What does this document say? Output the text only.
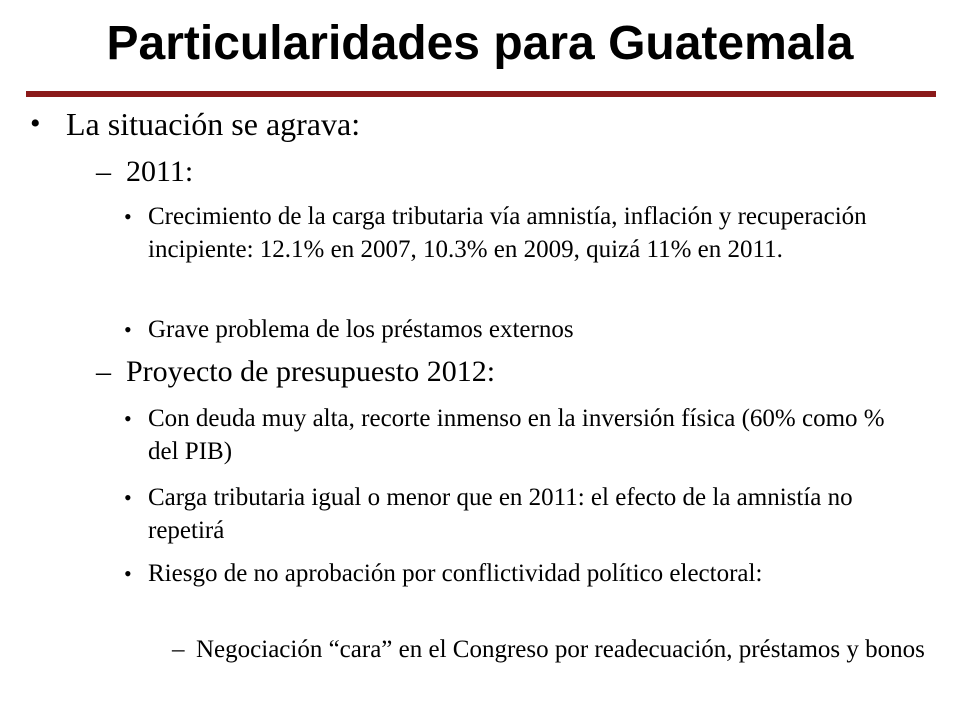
Particularidades para Guatemala
• La situación se agrava:
– 2011:
• Crecimiento de la carga tributaria vía amnistía, inflación y recuperación incipiente: 12.1% en 2007, 10.3% en 2009, quizá 11% en 2011.
• Grave problema de los préstamos externos
– Proyecto de presupuesto 2012:
• Con deuda muy alta, recorte inmenso en la inversión física (60% como % del PIB)
• Carga tributaria igual o menor que en 2011: el efecto de la amnistía no repetirá
• Riesgo de no aprobación por conflictividad político electoral:
– Negociación “cara” en el Congreso por readecuación, préstamos y bonos
